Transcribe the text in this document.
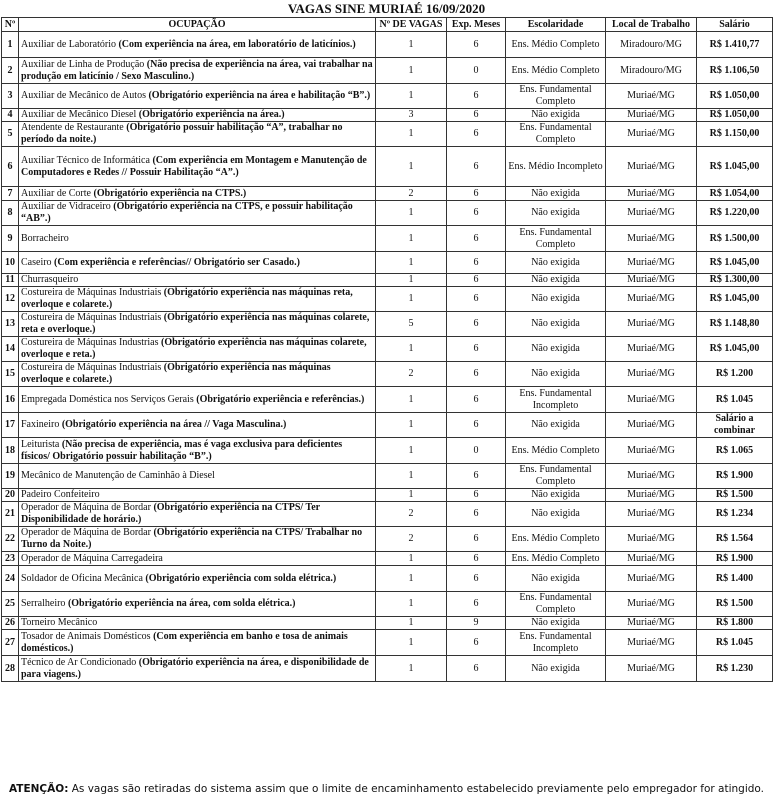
VAGAS SINE MURIAÉ 16/09/2020
Nº	OCUPAÇÃO	Nº DE VAGAS	Exp. Meses	Escolaridade	Local de Trabalho	Salário
1	Auxiliar de Laboratório (Com experiência na área, em laboratório de laticínios.)	1	6	Ens. Médio Completo	Miradouro/MG	R$ 1.410,77
2	Auxiliar de Linha de Produção (Não precisa de experiência na área, vai trabalhar na produção em laticínio / Sexo Masculino.)	1	0	Ens. Médio Completo	Miradouro/MG	R$ 1.106,50
3	Auxiliar de Mecânico de Autos (Obrigatório experiência na área e habilitação “B”.)	1	6	Ens. Fundamental Completo	Muriaé/MG	R$ 1.050,00
4	Auxiliar de Mecânico Diesel (Obrigatório experiência na área.)	3	6	Não exigida	Muriaé/MG	R$ 1.050,00
5	Atendente de Restaurante (Obrigatório possuir habilitação “A”, trabalhar no período da noite.)	1	6	Ens. Fundamental Completo	Muriaé/MG	R$ 1.150,00
6	Auxiliar Técnico de Informática (Com experiência em Montagem e Manutenção de Computadores e Redes // Possuir Habilitação “A”.)	1	6	Ens. Médio Incompleto	Muriaé/MG	R$ 1.045,00
7	Auxiliar de Corte (Obrigatório experiência na CTPS.)	2	6	Não exigida	Muriaé/MG	R$ 1.054,00
8	Auxiliar de Vidraceiro (Obrigatório experiência na CTPS, e possuir habilitação “AB”.)	1	6	Não exigida	Muriaé/MG	R$ 1.220,00
9	Borracheiro	1	6	Ens. Fundamental Completo	Muriaé/MG	R$ 1.500,00
10	Caseiro (Com experiência e referências// Obrigatório ser Casado.)	1	6	Não exigida	Muriaé/MG	R$ 1.045,00
11	Churrasqueiro	1	6	Não exigida	Muriaé/MG	R$ 1.300,00
12	Costureira de Máquinas Industriais (Obrigatório experiência nas máquinas reta, overloque e colarete.)	1	6	Não exigida	Muriaé/MG	R$ 1.045,00
13	Costureira de Máquinas Industriais (Obrigatório experiência nas máquinas colarete, reta e overloque.)	5	6	Não exigida	Muriaé/MG	R$ 1.148,80
14	Costureira de Máquinas Industrias (Obrigatório experiência nas máquinas colarete, overloque e reta.)	1	6	Não exigida	Muriaé/MG	R$ 1.045,00
15	Costureira de Máquinas Industriais (Obrigatório experiência nas máquinas overloque e colarete.)	2	6	Não exigida	Muriaé/MG	R$ 1.200
16	Empregada Doméstica nos Serviços Gerais (Obrigatório experiência e referências.)	1	6	Ens. Fundamental Incompleto	Muriaé/MG	R$ 1.045
17	Faxineiro (Obrigatório experiência na área // Vaga Masculina.)	1	6	Não exigida	Muriaé/MG	Salário a combinar
18	Leiturista (Não precisa de experiência, mas é vaga exclusiva para deficientes físicos/ Obrigatório possuir habilitação “B”.)	1	0	Ens. Médio Completo	Muriaé/MG	R$ 1.065
19	Mecânico de Manutenção de Caminhão à Diesel	1	6	Ens. Fundamental Completo	Muriaé/MG	R$ 1.900
20	Padeiro Confeiteiro	1	6	Não exigida	Muriaé/MG	R$ 1.500
21	Operador de Máquina de Bordar (Obrigatório experiência na CTPS/ Ter Disponibilidade de horário.)	2	6	Não exigida	Muriaé/MG	R$ 1.234
22	Operador de Máquina de Bordar (Obrigatório experiência na CTPS/ Trabalhar no Turno da Noite.)	2	6	Ens. Médio Completo	Muriaé/MG	R$ 1.564
23	Operador de Máquina Carregadeira	1	6	Ens. Médio Completo	Muriaé/MG	R$ 1.900
24	Soldador de Oficina Mecânica (Obrigatório experiência com solda elétrica.)	1	6	Não exigida	Muriaé/MG	R$ 1.400
25	Serralheiro (Obrigatório experiência na área, com solda elétrica.)	1	6	Ens. Fundamental Completo	Muriaé/MG	R$ 1.500
26	Torneiro Mecânico	1	9	Não exigida	Muriaé/MG	R$ 1.800
27	Tosador de Animais Domésticos (Com experiência em banho e tosa de animais domésticos.)	1	6	Ens. Fundamental Incompleto	Muriaé/MG	R$ 1.045
28	Técnico de Ar Condicionado (Obrigatório experiência na área, e disponibilidade de para viagens.)	1	6	Não exigida	Muriaé/MG	R$ 1.230
ATENÇÃO: As vagas são retiradas do sistema assim que o limite de encaminhamento estabelecido previamente pelo empregador for atingido.
